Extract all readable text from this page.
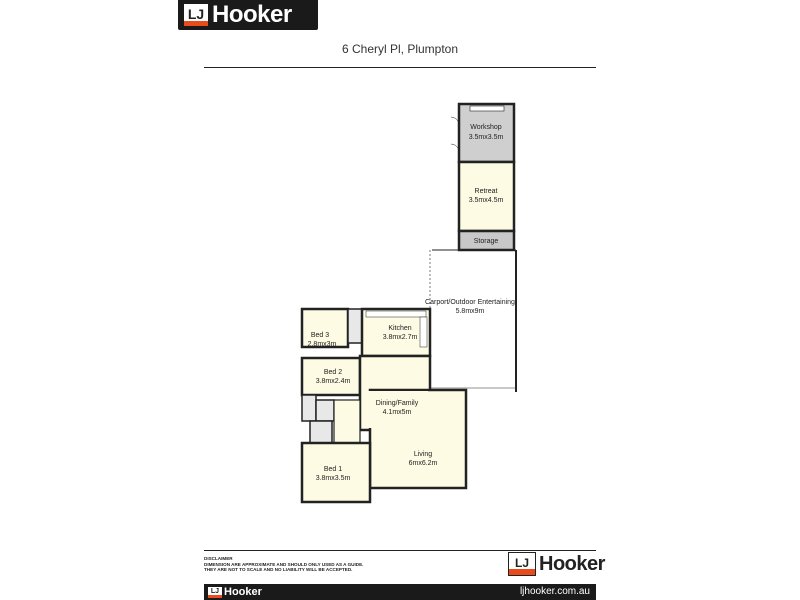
LJ Hooker
6 Cheryl Pl, Plumpton
Workshop
3.5mx3.5m
Retreat
3.5mx4.5m
Storage
Carport/Outdoor Entertaining
5.8mx9m
Kitchen
3.8mx2.7m
Bed 3
2.8mx3m
Bed 2
3.8mx2.4m
Dining/Family
4.1mx5m
Living
6mx6.2m
Bed 1
3.8mx3.5m
DISCLAIMER
DIMENSION ARE APPROXIMATE AND SHOULD ONLY USED AS A GUIDE.
THEY ARE NOT TO SCALE AND NO LIABILITY WILL BE ACCEPTED.	LJ Hooker
LJ Hooker	ljhooker.com.au
